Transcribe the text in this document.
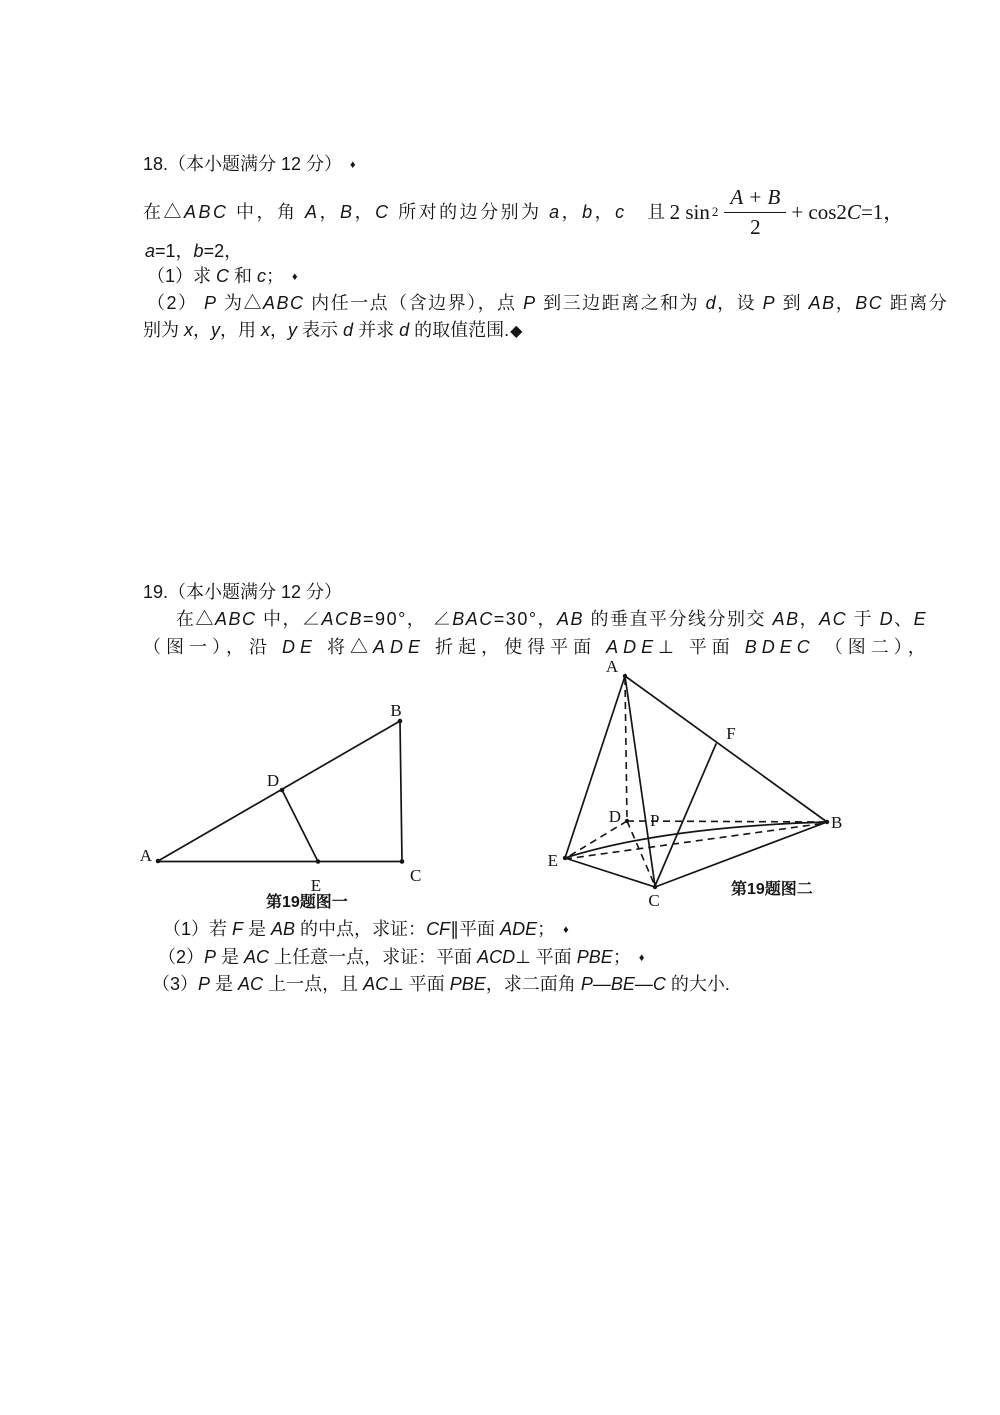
18.（本小题满分 12 分） ♦
在△ABC 中，角 A，B，C 所对的边分别为 a，b，c　且 2 $\sin 2 \frac{A + B}{2} + \cos 2$ C =1，
a=1，b=2，
（1）求 C 和 c； ♦
（2） P 为△ABC 内任一点（含边界），点 P 到三边距离之和为 d，设 P 到 AB，BC 距离分
别为 x，y，用 x，y 表示 d 并求 d 的取值范围.◆
19.（本小题满分 12 分）
在△ABC 中，∠ACB=90°， ∠BAC=30°，AB 的垂直平分线分别交 AB，AC 于 D、E
（图一），沿 DE 将△ADE 折起，使得平面 ADE⊥ 平面 BDEC （图二），
A
B
C
D
E
第19题图一
A
F
B
D P
E
C
第19题图二
（1）若 F 是 AB 的中点，求证：CF∥平面 ADE； ♦
（2）P 是 AC 上任意一点，求证：平面 ACD⊥ 平面 PBE； ♦
（3）P 是 AC 上一点，且 AC⊥ 平面 PBE，求二面角 P—BE—C 的大小.
